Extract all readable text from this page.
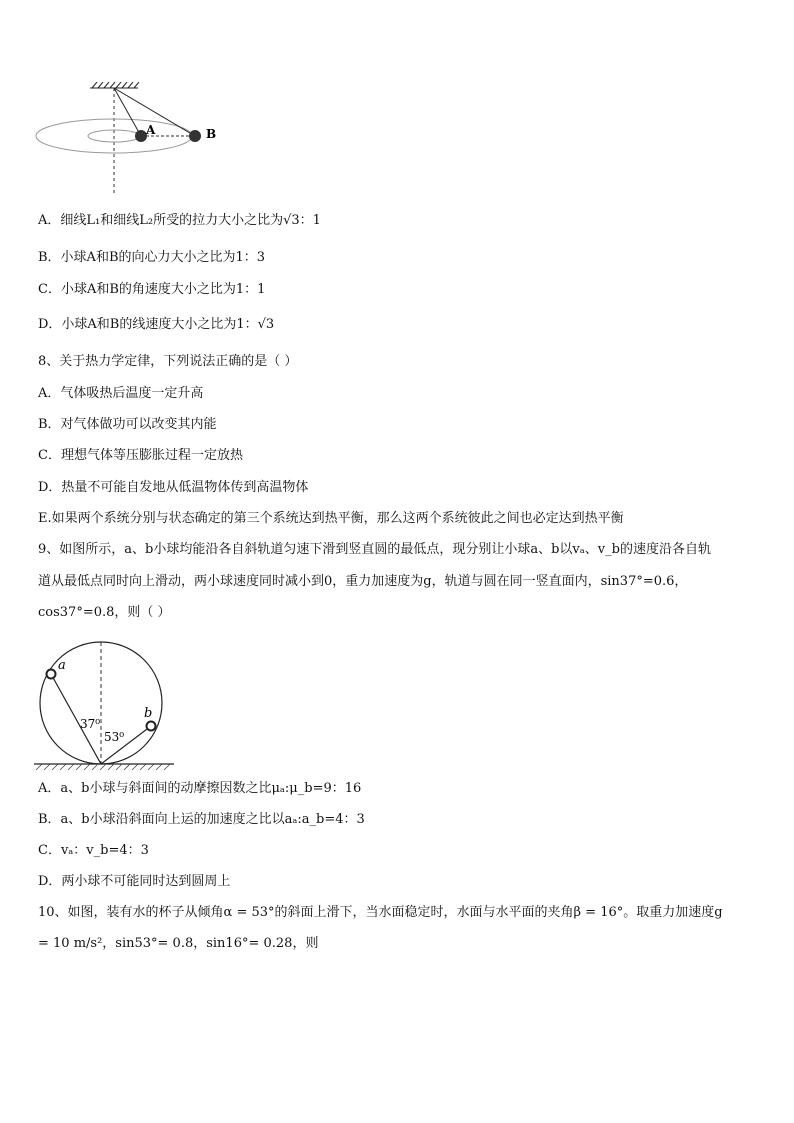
A	B
A．细线L₁和细线L₂所受的拉力大小之比为√3：1
B．小球A和B的向心力大小之比为1：3
C．小球A和B的角速度大小之比为1：1
D．小球A和B的线速度大小之比为1：√3
8、关于热力学定律，下列说法正确的是（ ）
A．气体吸热后温度一定升高
B．对气体做功可以改变其内能
C．理想气体等压膨胀过程一定放热
D．热量不可能自发地从低温物体传到高温物体
E.如果两个系统分别与状态确定的第三个系统达到热平衡，那么这两个系统彼此之间也必定达到热平衡
9、如图所示，a、b小球均能沿各自斜轨道匀速下滑到竖直圆的最低点，现分别让小球a、b以vₐ、v_b的速度沿各自轨
道从最低点同时向上滑动，两小球速度同时减小到0，重力加速度为g，轨道与圆在同一竖直面内，sin37°=0.6，
cos37°=0.8，则（ ）
a
b
37⁰
53⁰
A．a、b小球与斜面间的动摩擦因数之比μₐ:μ_b=9：16
B．a、b小球沿斜面向上运的加速度之比以aₐ:a_b=4：3
C．vₐ：v_b=4：3
D．两小球不可能同时达到圆周上
10、如图，装有水的杯子从倾角α = 53°的斜面上滑下，当水面稳定时，水面与水平面的夹角β = 16°。取重力加速度g
= 10 m/s²，sin53°= 0.8，sin16°= 0.28，则
